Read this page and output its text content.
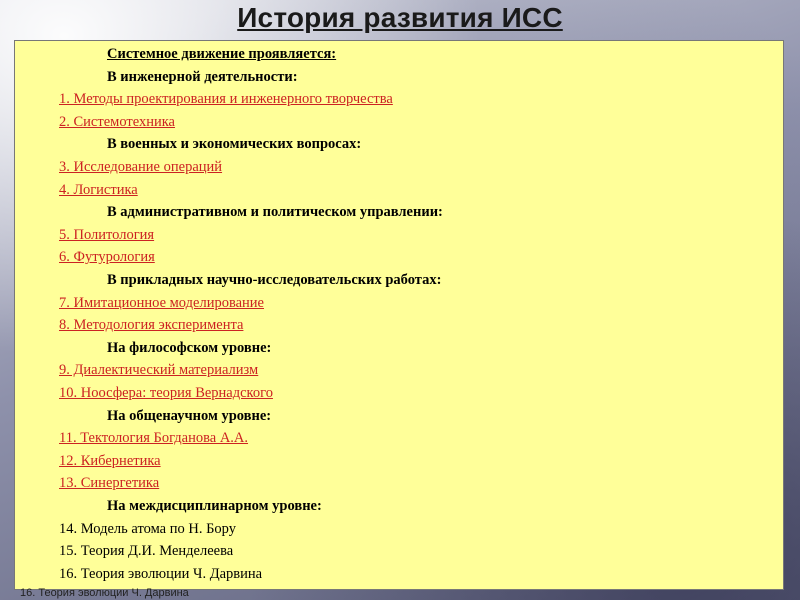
История развития ИСС
Системное движение проявляется:
В инженерной деятельности:
1. Методы проектирования и инженерного творчества
2. Системотехника
В военных и экономических вопросах:
3. Исследование операций
4. Логистика
В административном и политическом управлении:
5. Политология
6. Футурология
В прикладных научно-исследовательских работах:
7. Имитационное моделирование
8. Методология эксперимента
На философском уровне:
9. Диалектический материализм
10. Ноосфера: теория Вернадского
На общенаучном уровне:
11. Тектология Богданова А.А.
12. Кибернетика
13. Синергетика
На междисциплинарном уровне:
14. Модель атома по Н. Бору
15. Теория Д.И. Менделеева
16. Теория эволюции Ч. Дарвина
16. Теория эволюции Ч. Дарвина
